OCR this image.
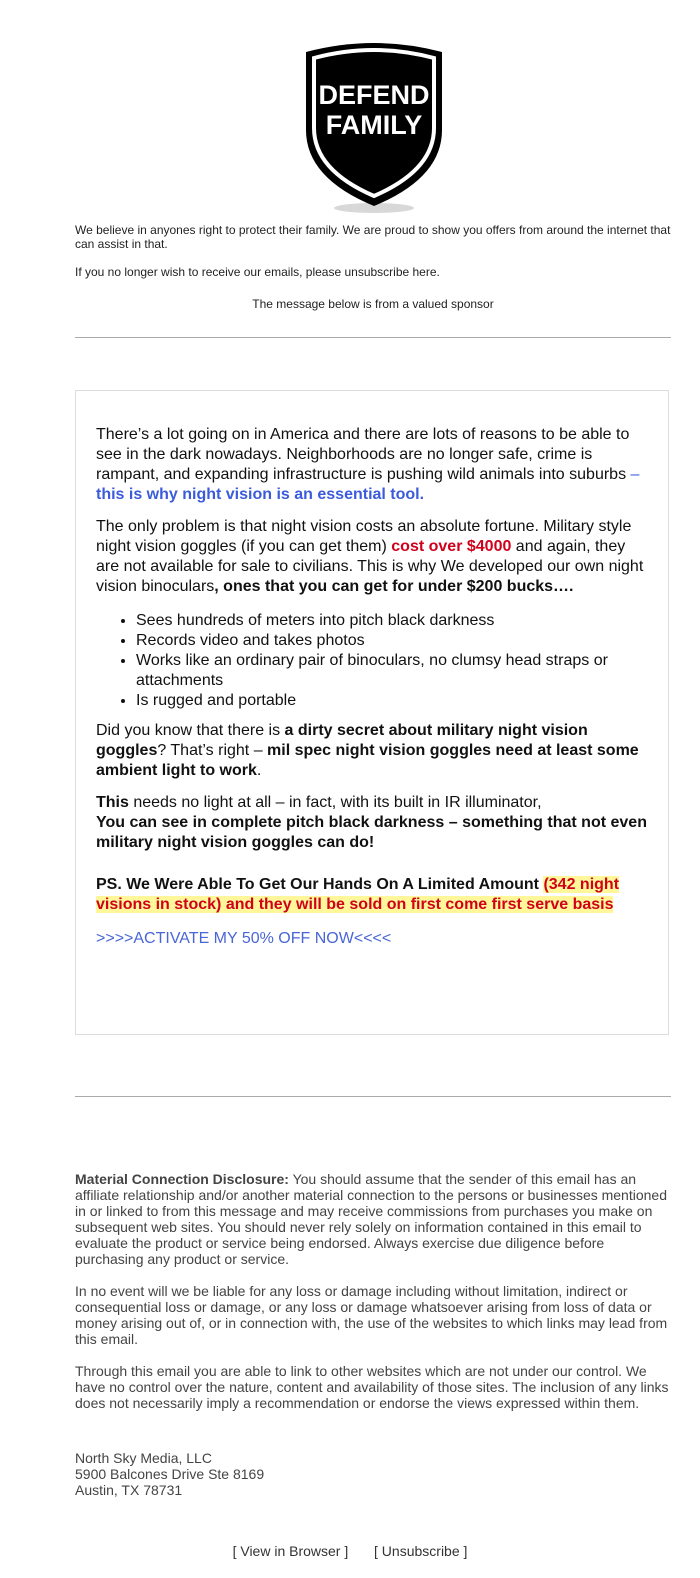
DEFEND
FAMILY
We believe in anyones right to protect their family. We are proud to show you offers from around the internet that can assist in that.
If you no longer wish to receive our emails, please unsubscribe here.
The message below is from a valued sponsor

There’s a lot going on in America and there are lots of reasons to be able to see in the dark nowadays. Neighborhoods are no longer safe, crime is rampant, and expanding infrastructure is pushing wild animals into suburbs –
this is why night vision is an essential tool.

The only problem is that night vision costs an absolute fortune. Military style night vision goggles (if you can get them) cost over $4000 and again, they are not available for sale to civilians. This is why We developed our own night vision binoculars, ones that you can get for under $200 bucks….

• Sees hundreds of meters into pitch black darkness
• Records video and takes photos
• Works like an ordinary pair of binoculars, no clumsy head straps or attachments
• Is rugged and portable

Did you know that there is a dirty secret about military night vision goggles? That’s right – mil spec night vision goggles need at least some ambient light to work.

This needs no light at all – in fact, with its built in IR illuminator,
You can see in complete pitch black darkness – something that not even military night vision goggles can do!

PS. We Were Able To Get Our Hands On A Limited Amount (342 night visions in stock) and they will be sold on first come first serve basis

>>>>ACTIVATE MY 50% OFF NOW<<<<

Material Connection Disclosure: You should assume that the sender of this email has an affiliate relationship and/or another material connection to the persons or businesses mentioned in or linked to from this message and may receive commissions from purchases you make on subsequent web sites. You should never rely solely on information contained in this email to evaluate the product or service being endorsed. Always exercise due diligence before purchasing any product or service.

In no event will we be liable for any loss or damage including without limitation, indirect or consequential loss or damage, or any loss or damage whatsoever arising from loss of data or money arising out of, or in connection with, the use of the websites to which links may lead from this email.

Through this email you are able to link to other websites which are not under our control. We have no control over the nature, content and availability of those sites. The inclusion of any links does not necessarily imply a recommendation or endorse the views expressed within them.

North Sky Media, LLC
5900 Balcones Drive Ste 8169
Austin, TX 78731
[ View in Browser ] [ Unsubscribe ]
